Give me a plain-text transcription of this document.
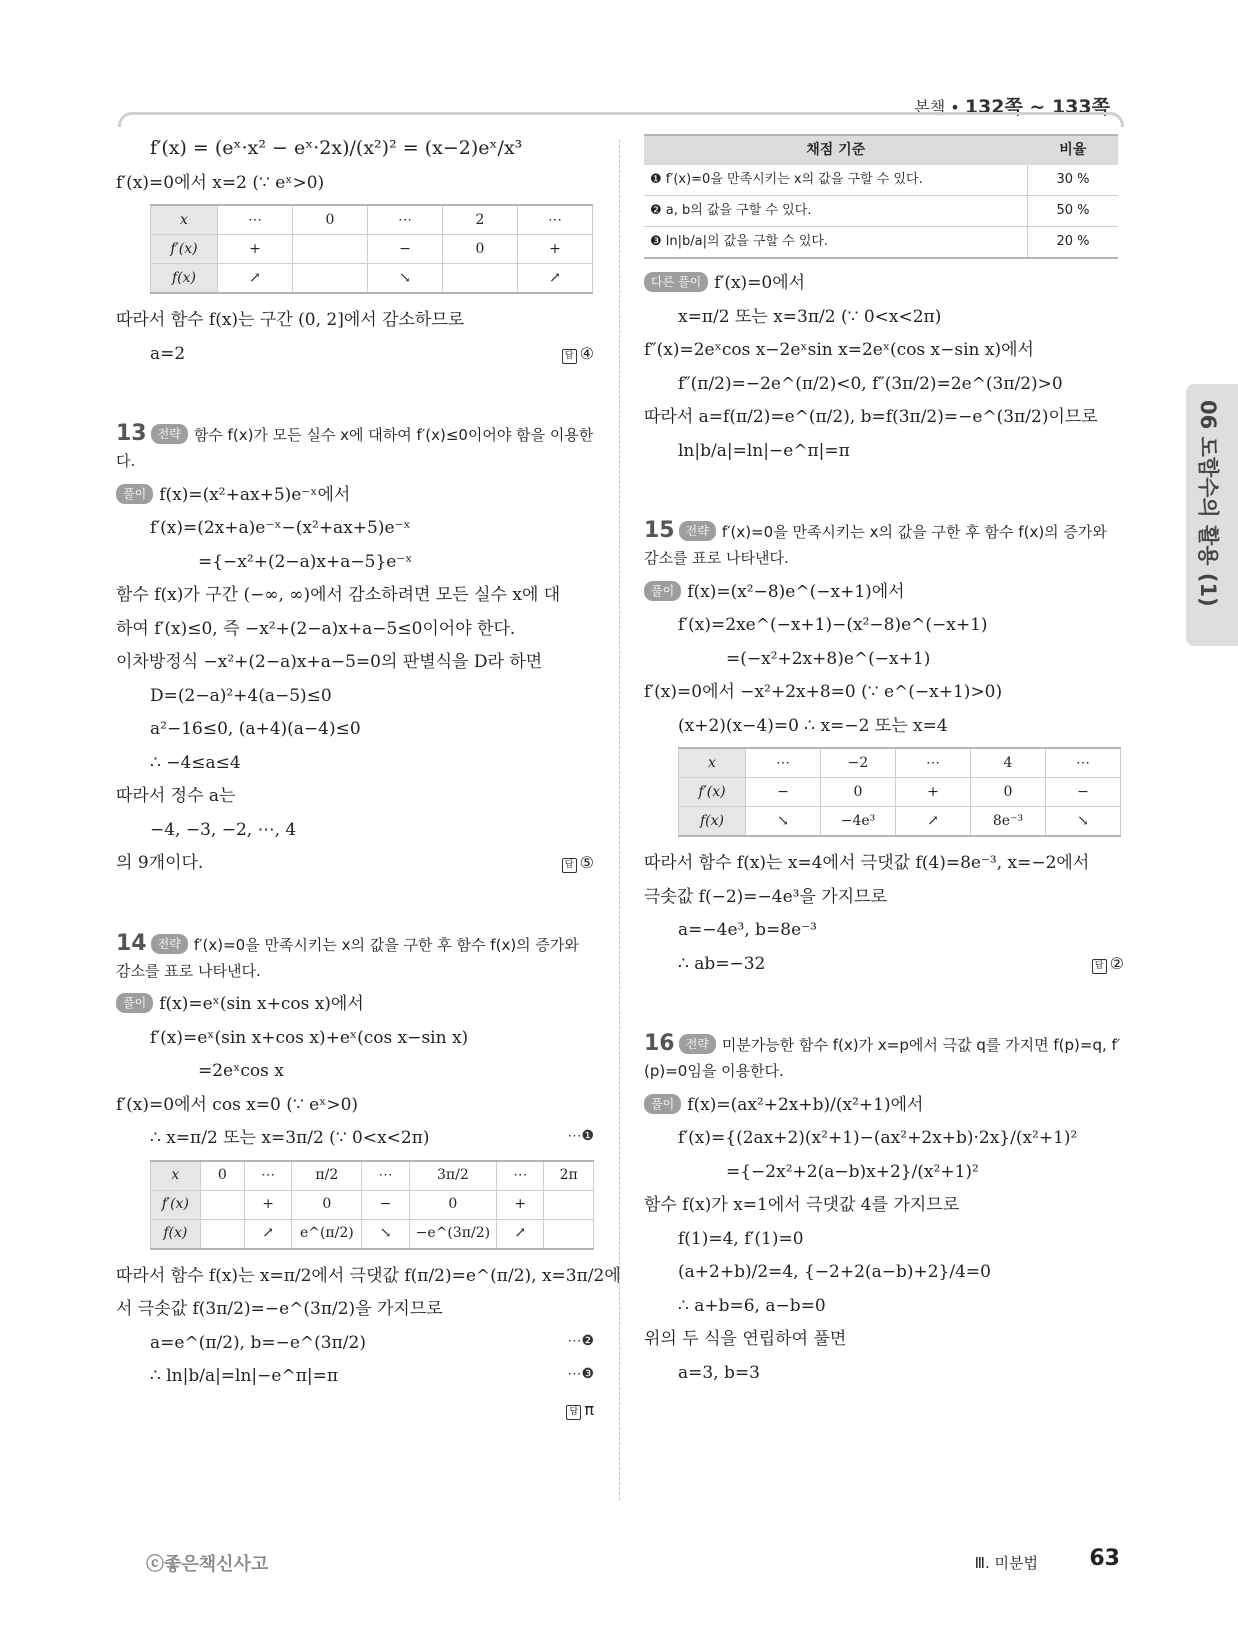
본책 • 132쪽 ~ 133쪽
f′(x) = (eˣ·x² − eˣ·2x)/(x²)² = (x−2)eˣ/x³
f′(x)=0에서 x=2 (∵ eˣ>0)
x	⋯	0	⋯	2	⋯
f′(x)	+		−	0	+
f(x)	↗		↘		↗
따라서 함수 f(x)는 구간 (0, 2]에서 감소하므로
a=2	답 ④
13 전략 함수 f(x)가 모든 실수 x에 대하여 f′(x)≤0이어야 함을 이용한다.
풀이 f(x)=(x²+ax+5)e⁻ˣ에서
f′(x)=(2x+a)e⁻ˣ−(x²+ax+5)e⁻ˣ
={−x²+(2−a)x+a−5}e⁻ˣ
함수 f(x)가 구간 (−∞, ∞)에서 감소하려면 모든 실수 x에 대
하여 f′(x)≤0, 즉 −x²+(2−a)x+a−5≤0이어야 한다.
이차방정식 −x²+(2−a)x+a−5=0의 판별식을 D라 하면
D=(2−a)²+4(a−5)≤0
a²−16≤0, (a+4)(a−4)≤0
∴ −4≤a≤4
따라서 정수 a는
−4, −3, −2, ⋯, 4
의 9개이다.	답 ⑤
14 전략 f′(x)=0을 만족시키는 x의 값을 구한 후 함수 f(x)의 증가와 감소를 표로 나타낸다.
풀이 f(x)=eˣ(sin x+cos x)에서
f′(x)=eˣ(sin x+cos x)+eˣ(cos x−sin x)
=2eˣcos x
f′(x)=0에서 cos x=0 (∵ eˣ>0)
∴ x=π/2 또는 x=3π/2 (∵ 0<x<2π)	⋯❶
x	0	⋯	π/2	⋯	3π/2	⋯	2π
f′(x)		+	0	−	0	+	
f(x)		↗	e^(π/2)	↘	−e^(3π/2)	↗	
따라서 함수 f(x)는 x=π/2에서 극댓값 f(π/2)=e^(π/2), x=3π/2에
서 극솟값 f(3π/2)=−e^(3π/2)을 가지므로
a=e^(π/2), b=−e^(3π/2)	⋯❷
∴ ln|b/a|=ln|−e^π|=π	⋯❸
답 π

채점 기준	비율
❶ f′(x)=0을 만족시키는 x의 값을 구할 수 있다.	30 %
❷ a, b의 값을 구할 수 있다.	50 %
❸ ln|b/a|의 값을 구할 수 있다.	20 %
다른 풀이 f′(x)=0에서
x=π/2 또는 x=3π/2 (∵ 0<x<2π)
f″(x)=2eˣcos x−2eˣsin x=2eˣ(cos x−sin x)에서
f″(π/2)=−2e^(π/2)<0, f″(3π/2)=2e^(3π/2)>0
따라서 a=f(π/2)=e^(π/2), b=f(3π/2)=−e^(3π/2)이므로
ln|b/a|=ln|−e^π|=π
15 전략 f′(x)=0을 만족시키는 x의 값을 구한 후 함수 f(x)의 증가와 감소를 표로 나타낸다.
풀이 f(x)=(x²−8)e^(−x+1)에서
f′(x)=2xe^(−x+1)−(x²−8)e^(−x+1)
=(−x²+2x+8)e^(−x+1)
f′(x)=0에서 −x²+2x+8=0 (∵ e^(−x+1)>0)
(x+2)(x−4)=0 ∴ x=−2 또는 x=4
x	⋯	−2	⋯	4	⋯
f′(x)	−	0	+	0	−
f(x)	↘	−4e³	↗	8e⁻³	↘
따라서 함수 f(x)는 x=4에서 극댓값 f(4)=8e⁻³, x=−2에서
극솟값 f(−2)=−4e³을 가지므로
a=−4e³, b=8e⁻³
∴ ab=−32	답 ②
16 전략 미분가능한 함수 f(x)가 x=p에서 극값 q를 가지면 f(p)=q, f′(p)=0임을 이용한다.
풀이 f(x)=(ax²+2x+b)/(x²+1)에서
f′(x)={(2ax+2)(x²+1)−(ax²+2x+b)·2x}/(x²+1)²
={−2x²+2(a−b)x+2}/(x²+1)²
함수 f(x)가 x=1에서 극댓값 4를 가지므로
f(1)=4, f′(1)=0
(a+2+b)/2=4, {−2+2(a−b)+2}/4=0
∴ a+b=6, a−b=0
위의 두 식을 연립하여 풀면
a=3, b=3
06 도함수의 활용 (1)
ⓒ좋은책신사고	Ⅲ. 미분법 63
